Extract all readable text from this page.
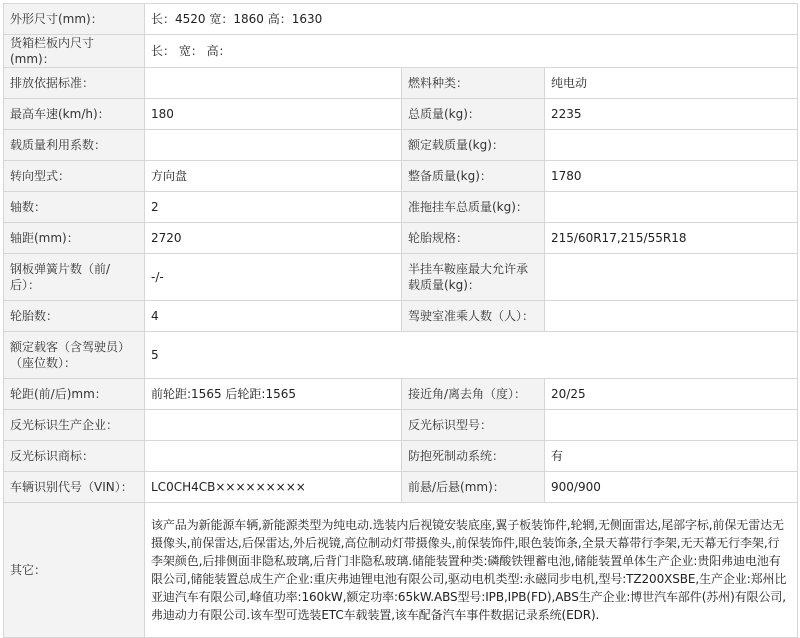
外形尺寸(mm)：	长：4520 宽：1860 高：1630		
货箱栏板内尺寸(mm)：	长： 宽： 高：		
排放依据标准：		燃料种类：	纯电动
最高车速(km/h)：	180	总质量(kg)：	2235
载质量利用系数：		额定载质量(kg)：	
转向型式：	方向盘	整备质量(kg)：	1780
轴数：	2	准拖挂车总质量(kg)：	
轴距(mm)：	2720	轮胎规格：	215/60R17,215/55R18
钢板弹簧片数（前/后）：	-/-	半挂车鞍座最大允许承载质量(kg)：	
轮胎数：	4	驾驶室准乘人数（人）：	
额定载客（含驾驶员）（座位数）：	5		
轮距(前/后)mm：	前轮距:1565 后轮距:1565	接近角/离去角（度）：	20/25
反光标识生产企业：		反光标识型号：	
反光标识商标：		防抱死制动系统：	有
车辆识别代号（VIN）：	LC0CH4CB×××××××××	前悬/后悬(mm)：	900/900
其它：	该产品为新能源车辆,新能源类型为纯电动.选装内后视镜安装底座,翼子板装饰件,轮辋,无侧面雷达,尾部字标,前保无雷达无摄像头,前保雷达,后保雷达,外后视镜,高位制动灯带摄像头,前保装饰件,眼色装饰条,全景天幕带行李架,无天幕无行李架,行李架颜色,后排侧面非隐私玻璃,后背门非隐私玻璃.储能装置种类:磷酸铁锂蓄电池,储能装置单体生产企业:贵阳弗迪电池有限公司,储能装置总成生产企业:重庆弗迪锂电池有限公司,驱动电机类型:永磁同步电机,型号:TZ200XSBE,生产企业:郑州比亚迪汽车有限公司,峰值功率:160kW,额定功率:65kW.ABS型号:IPB,IPB(FD),ABS生产企业:博世汽车部件(苏州)有限公司,弗迪动力有限公司.该车型可选装ETC车载装置,该车配备汽车事件数据记录系统(EDR).		
